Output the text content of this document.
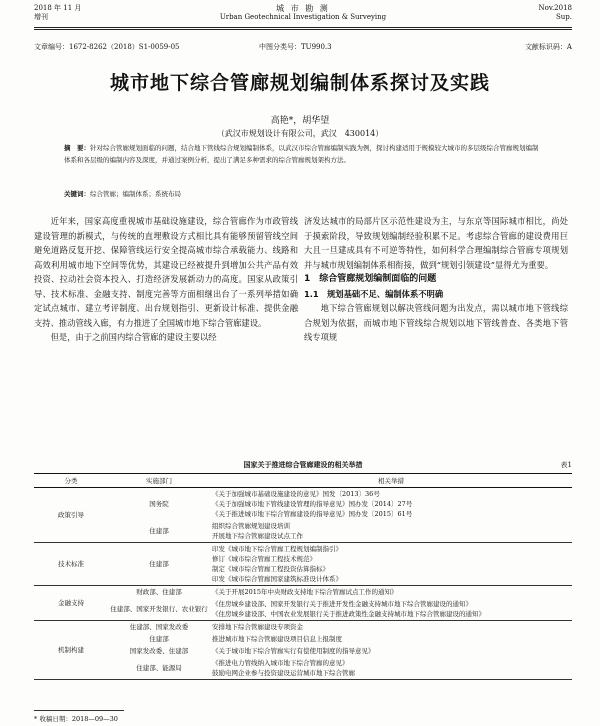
2018 年 11 月
增刊
城 市 勘 测
Urban Geotechnical Investigation & Surveying
Nov.2018
Sup.
文章编号：1672-8262（2018）S1-0059-05	中图分类号：TU990.3	文献标识码：A
城市地下综合管廊规划编制体系探讨及实践
高艳*，胡华望
（武汉市规划设计有限公司，武汉　430014）
摘　要：针对综合管廊规划面临的问题，结合地下管线综合规划编制体系，以武汉市综合管廊编制实践为例，探讨构建适用于规模较大城市的多层级综合管廊规划编制体系和各层级的编制内容及深度，并通过案例分析，提出了满足多种需求的综合管廊规划架构方法。
关键词：综合管廊；编制体系；系统布局

近年来，国家高度重视城市基础设施建设，综合管廊作为市政管线建设管理的新模式，与传统的直埋敷设方式相比具有能够预留管线空间避免道路反复开挖、保障管线运行安全提高城市综合承载能力、线路和高效利用城市地下空间等优势，其建设已经被提升到增加公共产品有效投资、拉动社会资本投入、打造经济发展新动力的高度。国家从政策引导、技术标准、金融支持、制度完善等方面相继出台了一系列举措如确定试点城市、建立考评制度、出台规划指引、更新设计标准、提供金融支持、推动管线入廊，有力推进了全国城市地下综合管廊建设。

但是，由于之前国内综合管廊的建设主要以经

济发达城市的局部片区示范性建设为主，与东京等国际城市相比，尚处于摸索阶段，导致规划编制经验积累不足。考虑综合管廊的建设费用巨大且一旦建成具有不可逆等特性，如何科学合理编制综合管廊专项规划并与城市规划编制体系相衔接，做到“规划引领建设”显得尤为重要。

1　综合管廊规划编制面临的问题

1.1　规划基础不足、编制体系不明确

地下综合管廊规划以解决管线问题为出发点，需以城市地下管线综合规划为依据，而城市地下管线综合规划以地下管线普查、各类地下管线专项规

国家关于推进综合管廊建设的相关举措	表1
分类	实施部门	相关举措
政策引导	国务院	《关于加强城市基础设施建设的意见》国发〔2013〕36号
《关于加强城市地下管线建设管理的指导意见》国办发〔2014〕27号
《关于推进城市地下综合管廊建设的指导意见》国办发〔2015〕61号

	住建部	组织综合管廊规划建设培训
开展地下综合管廊建设试点工作

技术标准	住建部	印发《城市地下综合管廊工程规划编制指引》
修订《城市综合管廊工程技术规范》
制定《城市综合管廊工程投资估算指标》
印发《城市综合管廊国家建筑标准设计体系》

金融支持	财政部、住建部	《关于开展2015年中央财政支持地下综合管廊试点工作的通知》

	住建部、国家开发银行、农业银行	《住房城乡建设部、国家开发银行关于推进开发性金融支持城市地下综合管廊建设的通知》
《住房城乡建设部、中国农业发展银行关于推进政策性金融支持城市地下综合管廊建设的通知》

机制构建	住建部、国家发改委	安排地下综合管廊建设专项资金

	住建部	推进城市地下综合管廊建设项目信息上报制度

	国家发改委、住建部	《关于城市地下综合管廊实行有偿使用制度的指导意见》

	住建部、能源局	《推进电力管线纳入城市地下综合管廊的意见》
鼓励电网企业参与投资建设运营城市地下综合管廊
* 收稿日期：2018—09—30
